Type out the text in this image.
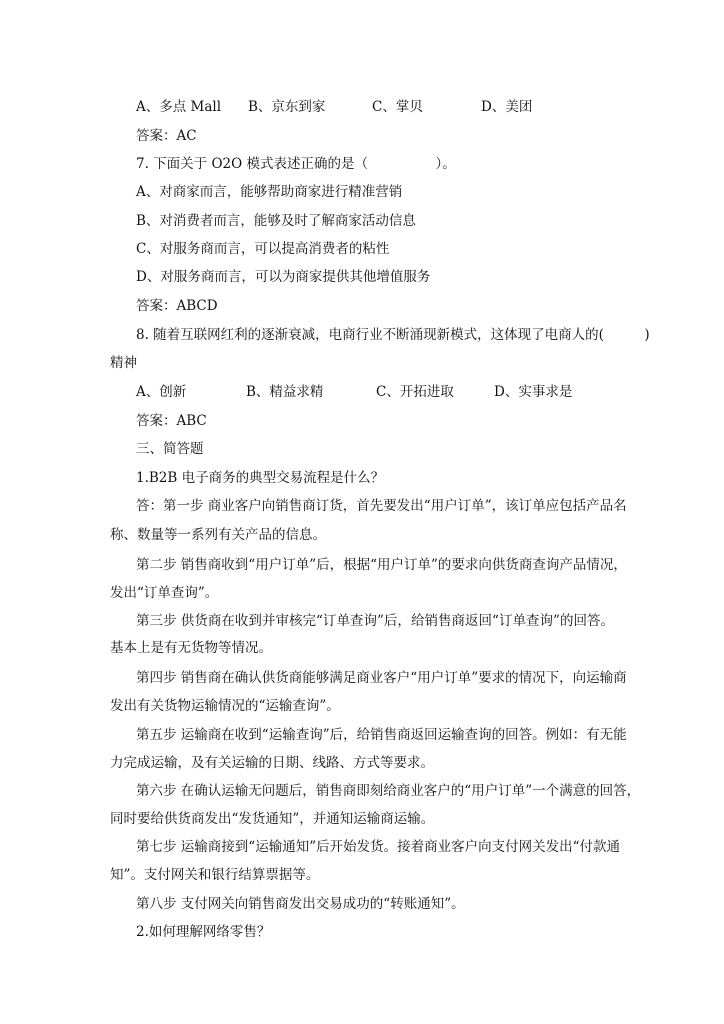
A、多点 Mall B、京东到家	C、掌贝	D、美团
答案：AC
7. 下面关于 O2O 模式表述正确的是（　　　　　）。
A、对商家而言，能够帮助商家进行精准营销
B、对消费者而言，能够及时了解商家活动信息
C、对服务商而言，可以提高消费者的粘性
D、对服务商而言，可以为商家提供其他增值服务
答案：ABCD
8. 随着互联网红利的逐渐衰减，电商行业不断涌现新模式，这体现了电商人的(　　　)
精神
A、创新	B、精益求精	C、开拓进取	D、实事求是
答案：ABC
三、简答题
1.B2B 电子商务的典型交易流程是什么？
答：第一步 商业客户向销售商订货，首先要发出“用户订单”，该订单应包括产品名
称、数量等一系列有关产品的信息。
第二步 销售商收到“用户订单”后，根据“用户订单”的要求向供货商查询产品情况，
发出“订单查询”。
第三步 供货商在收到并审核完“订单查询”后，给销售商返回“订单查询”的回答。
基本上是有无货物等情况。
第四步 销售商在确认供货商能够满足商业客户“用户订单”要求的情况下，向运输商
发出有关货物运输情况的“运输查询”。
第五步 运输商在收到“运输查询”后，给销售商返回运输查询的回答。例如：有无能
力完成运输，及有关运输的日期、线路、方式等要求。
第六步 在确认运输无问题后，销售商即刻给商业客户的“用户订单”一个满意的回答，
同时要给供货商发出“发货通知”，并通知运输商运输。
第七步 运输商接到“运输通知”后开始发货。接着商业客户向支付网关发出“付款通
知”。支付网关和银行结算票据等。
第八步 支付网关向销售商发出交易成功的“转账通知”。
2.如何理解网络零售？
